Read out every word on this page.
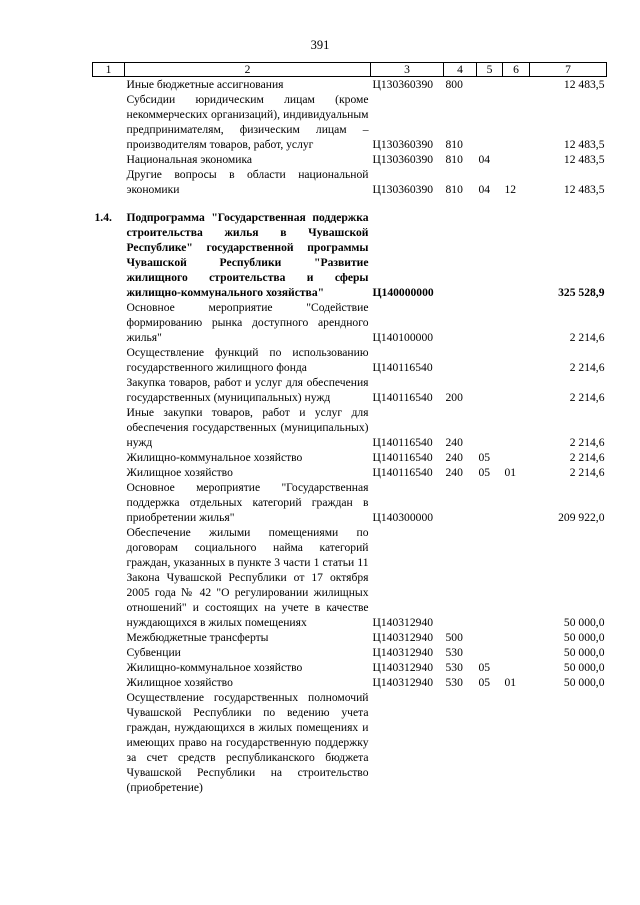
391
1	2	3	4	5	6	7
	Иные бюджетные ассигнования	Ц130360390	800			12 483,5
	Субсидии юридическим лицам (кроме некоммерческих организаций), индивидуальным предпринимателям, физическим лицам – производителям товаров, работ, услуг	Ц130360390	810			12 483,5
	Национальная экономика	Ц130360390	810	04		12 483,5
	Другие вопросы в области национальной экономики	Ц130360390	810	04	12	12 483,5

1.4.	Подпрограмма "Государственная поддержка строительства жилья в Чувашской Республике" государственной программы Чувашской Республики "Развитие жилищного строительства и сферы жилищно-коммунального хозяйства"	Ц140000000				325 528,9
	Основное мероприятие "Содействие формированию рынка доступного арендного жилья"	Ц140100000				2 214,6
	Осуществление функций по использованию государственного жилищного фонда	Ц140116540				2 214,6
	Закупка товаров, работ и услуг для обеспечения государственных (муниципальных) нужд	Ц140116540	200			2 214,6
	Иные закупки товаров, работ и услуг для обеспечения государственных (муниципальных) нужд	Ц140116540	240			2 214,6
	Жилищно-коммунальное хозяйство	Ц140116540	240	05		2 214,6
	Жилищное хозяйство	Ц140116540	240	05	01	2 214,6
	Основное мероприятие "Государственная поддержка отдельных категорий граждан в приобретении жилья"	Ц140300000				209 922,0
	Обеспечение жилыми помещениями по договорам социального найма категорий граждан, указанных в пункте 3 части 1 статьи 11 Закона Чувашской Республики от 17 октября 2005 года № 42 "О регулировании жилищных отношений" и состоящих на учете в качестве нуждающихся в жилых помещениях	Ц140312940				50 000,0
	Межбюджетные трансферты	Ц140312940	500			50 000,0
	Субвенции	Ц140312940	530			50 000,0
	Жилищно-коммунальное хозяйство	Ц140312940	530	05		50 000,0
	Жилищное хозяйство	Ц140312940	530	05	01	50 000,0
	Осуществление государственных полномочий Чувашской Республики по ведению учета граждан, нуждающихся в жилых помещениях и имеющих право на государственную поддержку за счет средств республиканского бюджета Чувашской Республики на строительство (приобретение)					
